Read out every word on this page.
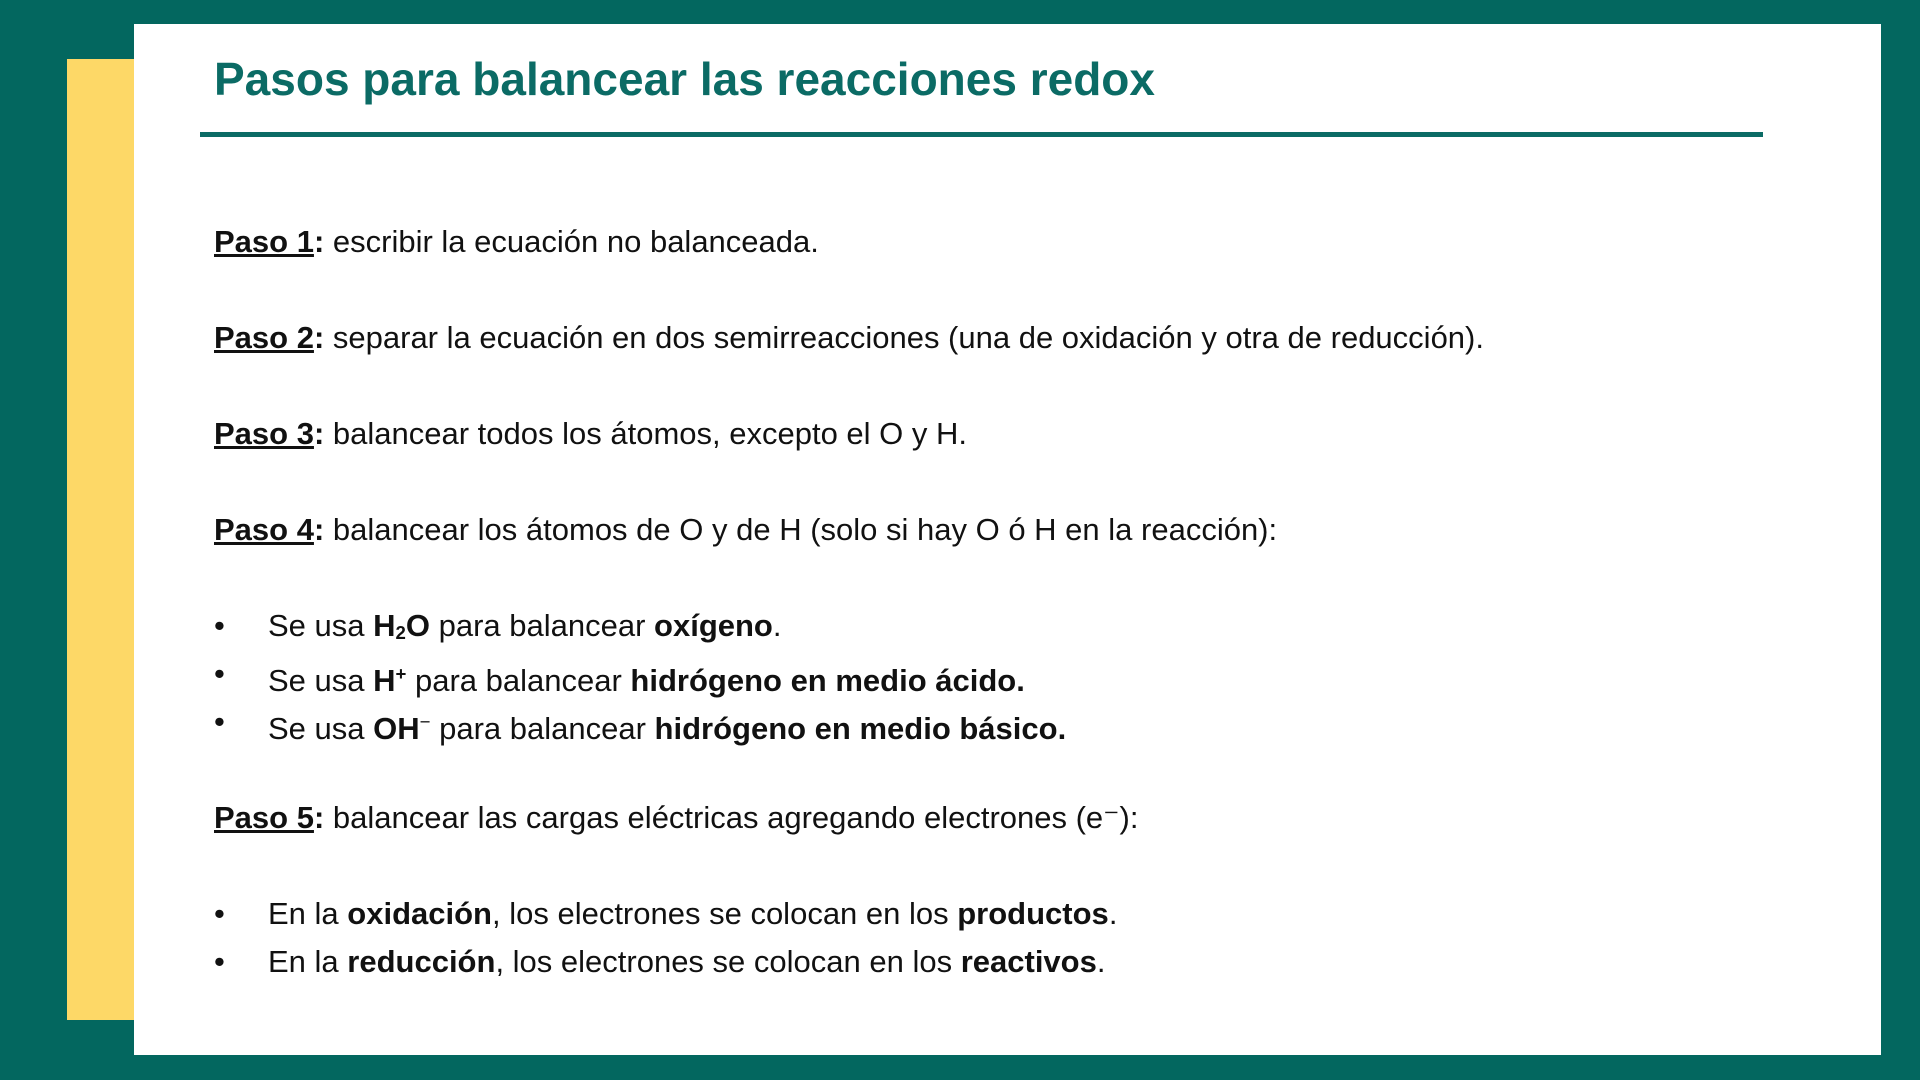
Pasos para balancear las reacciones redox
Paso 1: escribir la ecuación no balanceada.
Paso 2: separar la ecuación en dos semirreacciones (una de oxidación y otra de reducción).
Paso 3: balancear todos los átomos, excepto el O y H.
Paso 4: balancear los átomos de O y de H (solo si hay O ó H en la reacción):
• Se usa $H_2O$ para balancear oxígeno.
• Se usa H+ para balancear hidrógeno en medio ácido.
• Se usa OH− para balancear hidrógeno en medio básico.
Paso 5: balancear las cargas eléctricas agregando electrones (e⁻):
• En la oxidación, los electrones se colocan en los productos.
• En la reducción, los electrones se colocan en los reactivos.
